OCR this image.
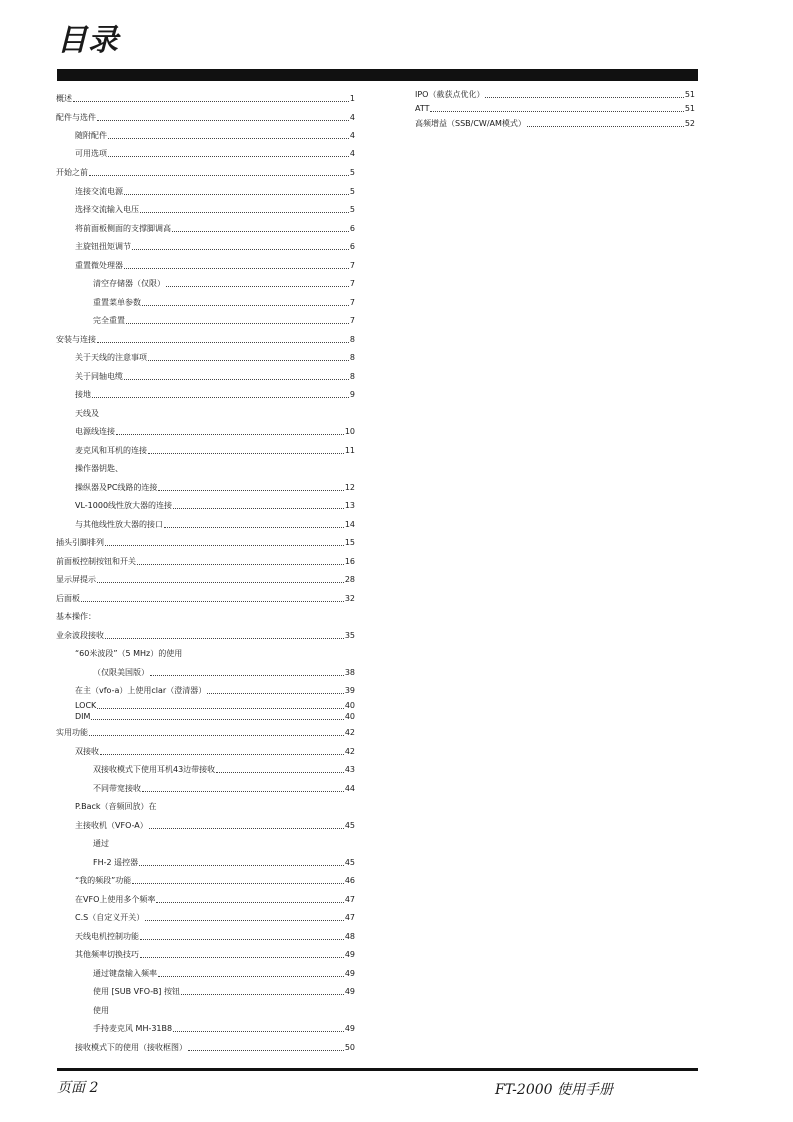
目录
概述	1
配件与选件	4
随附配件	4
可用选项	4
开始之前	5
连接交流电源	5
选择交流输入电压	5
将前面板侧面的支撑脚调高	6
主旋钮扭矩调节	6
重置微处理器	7
清空存储器（仅限）	7
重置菜单参数	7
完全重置	7
安装与连接	8
关于天线的注意事项	8
关于同轴电缆	8
接地	9
天线及
电源线连接	10
麦克风和耳机的连接	11
操作器钥匙、
操纵器及PC线路的连接	12
VL-1000线性放大器的连接	13
与其他线性放大器的接口	14
插头引脚排列	15
前面板控制按钮和开关	16
显示屏提示	28
后面板	32
基本操作：
业余波段接收	35
“60米波段”（5 MHz）的使用
（仅限美国版）	38
在主（vfo-a）上使用clar（澄清器）	39
LOCK	40
DIM	40
实用功能	42
双接收	42
双接收模式下使用耳机43边带接收	43
不同带宽接收	44
P.Back（音频回放）在
主接收机（VFO-A）	45
通过
FH-2 遥控器	45
“我的频段”功能	46
在VFO上使用多个频率	47
C.S（自定义开关）	47
天线电机控制功能	48
其他频率切换技巧	49
通过键盘输入频率	49
使用 [SUB VFO-B] 按钮	49
使用
手持麦克风 MH-31B8	49
接收模式下的使用（接收框图）	50
IPO（截获点优化）	51
ATT	51
高频增益（SSB/CW/AM模式）	52
页面 2	FT-2000 使用手册
